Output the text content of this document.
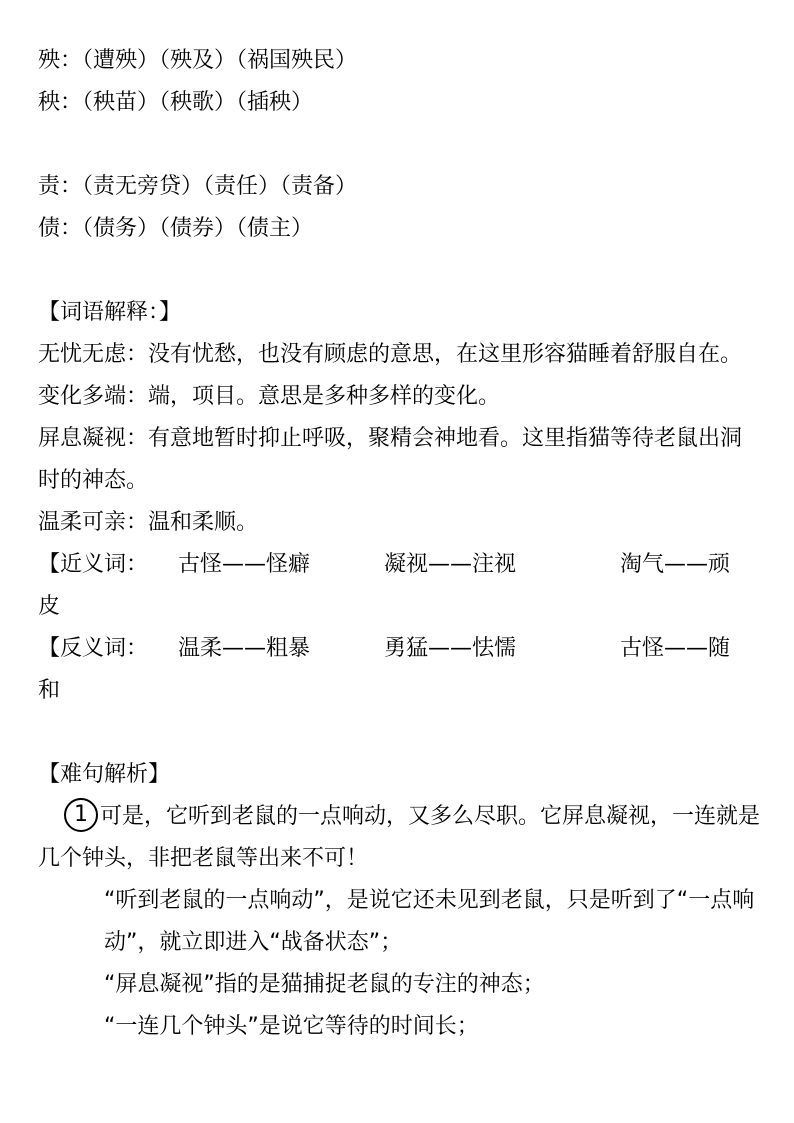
殃：（遭殃）（殃及）（祸国殃民）
秧：（秧苗）（秧歌）（插秧）
责：（责无旁贷）（责任）（责备）
债：（债务）（债券）（债主）
【词语解释：】
无忧无虑：没有忧愁，也没有顾虑的意思，在这里形容猫睡着舒服自在。
变化多端：端，项目。意思是多种多样的变化。
屏息凝视：有意地暂时抑止呼吸，聚精会神地看。这里指猫等待老鼠出洞时的神态。
温柔可亲：温和柔顺。
【近义词：	古怪——怪癖	凝视——注视	淘气——顽
皮
【反义词：	温柔——粗暴	勇猛——怯懦	古怪——随
和
【难句解析】
1 可是，它听到老鼠的一点响动，又多么尽职。它屏息凝视，一连就是几个钟头，非把老鼠等出来不可！
“听到老鼠的一点响动”，是说它还未见到老鼠，只是听到了“一点响动”，就立即进入“战备状态”；
“屏息凝视”指的是猫捕捉老鼠的专注的神态；
“一连几个钟头”是说它等待的时间长；
